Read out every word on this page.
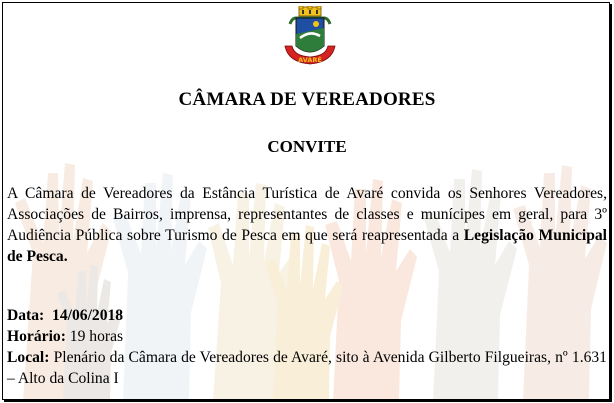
AVARÉ
CÂMARA DE VEREADORES
CONVITE

A Câmara de Vereadores da Estância Turística de Avaré convida os Senhores Vereadores, Associações de Bairros, imprensa, representantes de classes e munícipes em geral, para 3º Audiência Pública sobre Turismo de Pesca em que será reapresentada a Legislação Municipal de Pesca.

Data: 14/06/2018
Horário: 19 horas
Local: Plenário da Câmara de Vereadores de Avaré, sito à Avenida Gilberto Filgueiras, nº 1.631 – Alto da Colina I
